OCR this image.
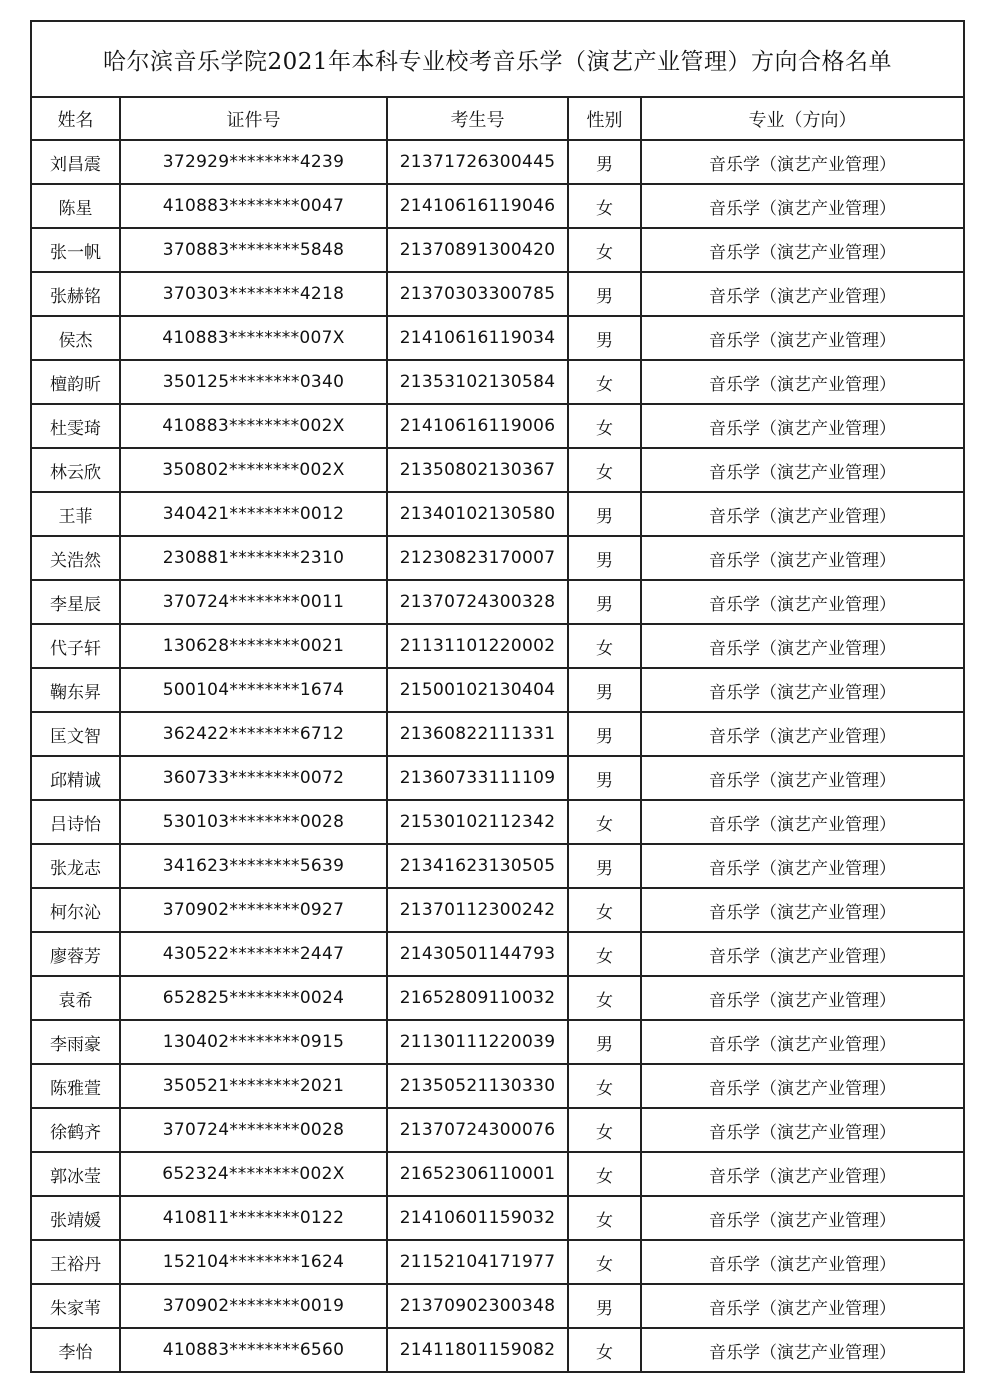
哈尔滨音乐学院2021年本科专业校考音乐学（演艺产业管理）方向合格名单				
姓名	证件号	考生号	性别	专业（方向）
刘昌震	372929********4239	21371726300445	男	音乐学（演艺产业管理）
陈星	410883********0047	21410616119046	女	音乐学（演艺产业管理）
张一帆	370883********5848	21370891300420	女	音乐学（演艺产业管理）
张赫铭	370303********4218	21370303300785	男	音乐学（演艺产业管理）
侯杰	410883********007X	21410616119034	男	音乐学（演艺产业管理）
檀韵昕	350125********0340	21353102130584	女	音乐学（演艺产业管理）
杜雯琦	410883********002X	21410616119006	女	音乐学（演艺产业管理）
林云欣	350802********002X	21350802130367	女	音乐学（演艺产业管理）
王菲	340421********0012	21340102130580	男	音乐学（演艺产业管理）
关浩然	230881********2310	21230823170007	男	音乐学（演艺产业管理）
李星辰	370724********0011	21370724300328	男	音乐学（演艺产业管理）
代子轩	130628********0021	21131101220002	女	音乐学（演艺产业管理）
鞠东昇	500104********1674	21500102130404	男	音乐学（演艺产业管理）
匡文智	362422********6712	21360822111331	男	音乐学（演艺产业管理）
邱精诚	360733********0072	21360733111109	男	音乐学（演艺产业管理）
吕诗怡	530103********0028	21530102112342	女	音乐学（演艺产业管理）
张龙志	341623********5639	21341623130505	男	音乐学（演艺产业管理）
柯尔沁	370902********0927	21370112300242	女	音乐学（演艺产业管理）
廖蓉芳	430522********2447	21430501144793	女	音乐学（演艺产业管理）
袁希	652825********0024	21652809110032	女	音乐学（演艺产业管理）
李雨豪	130402********0915	21130111220039	男	音乐学（演艺产业管理）
陈雅萱	350521********2021	21350521130330	女	音乐学（演艺产业管理）
徐鹤齐	370724********0028	21370724300076	女	音乐学（演艺产业管理）
郭冰莹	652324********002X	21652306110001	女	音乐学（演艺产业管理）
张靖媛	410811********0122	21410601159032	女	音乐学（演艺产业管理）
王裕丹	152104********1624	21152104171977	女	音乐学（演艺产业管理）
朱家苇	370902********0019	21370902300348	男	音乐学（演艺产业管理）
李怡	410883********6560	21411801159082	女	音乐学（演艺产业管理）
